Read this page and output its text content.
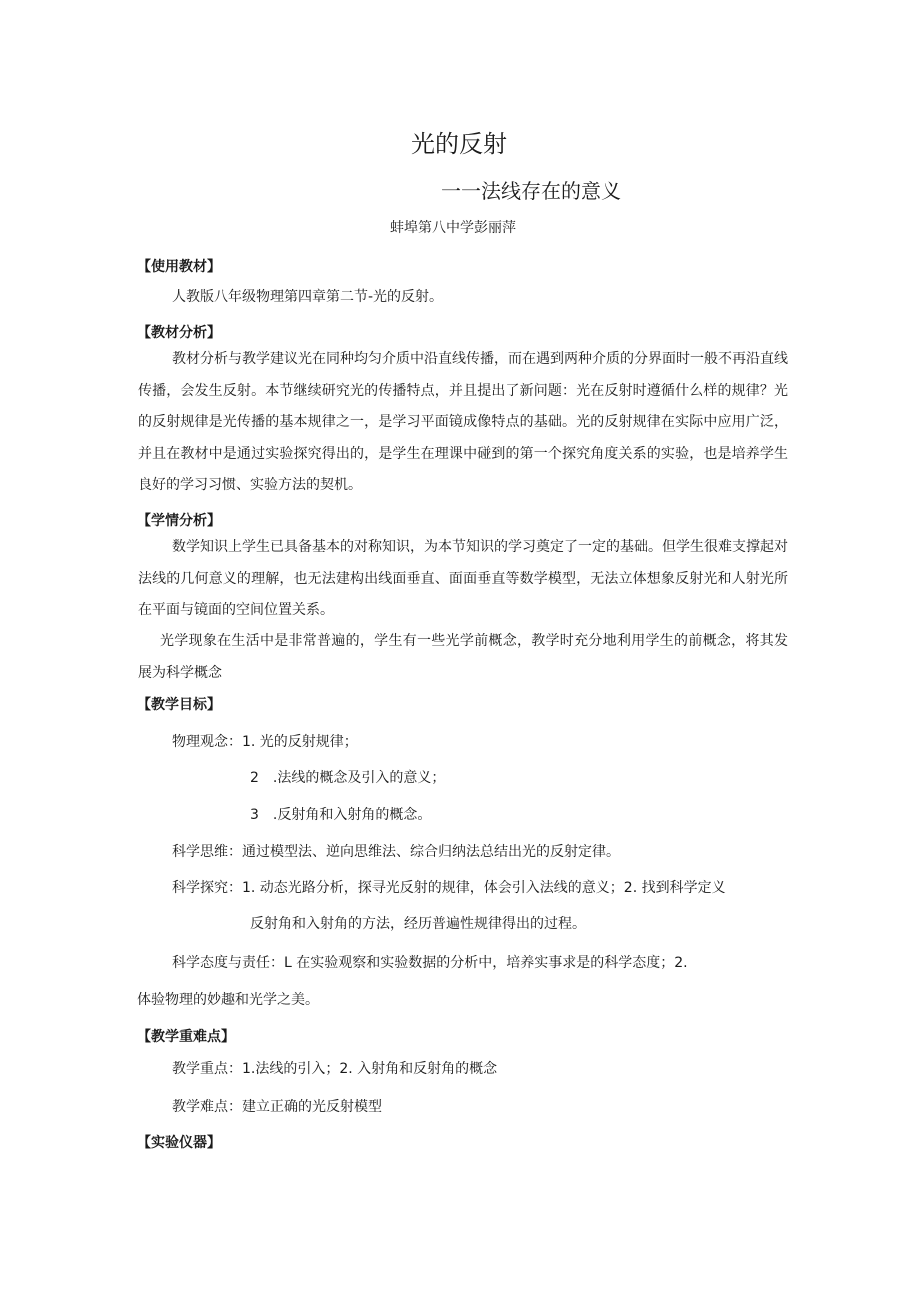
光的反射
一一法线存在的意义
蚌埠第八中学彭丽萍
【使用教材】
人教版八年级物理第四章第二节-光的反射。
【教材分析】
教材分析与教学建议光在同种均匀介质中沿直线传播，而在遇到两种介质的分界面时一般不再沿直线传播，会发生反射。本节继续研究光的传播特点，并且提出了新问题：光在反射时遵循什么样的规律？光的反射规律是光传播的基本规律之一，是学习平面镜成像特点的基础。光的反射规律在实际中应用广泛，并且在教材中是通过实验探究得出的，是学生在理课中碰到的第一个探究角度关系的实验，也是培养学生良好的学习习惯、实验方法的契机。
【学情分析】
数学知识上学生已具备基本的对称知识，为本节知识的学习奠定了一定的基础。但学生很难支撑起对法线的几何意义的理解，也无法建构出线面垂直、面面垂直等数学模型，无法立体想象反射光和人射光所在平面与镜面的空间位置关系。
光学现象在生活中是非常普遍的，学生有一些光学前概念，教学时充分地利用学生的前概念，将其发展为科学概念
【教学目标】
物理观念：1. 光的反射规律；
2　.法线的概念及引入的意义；
3　.反射角和入射角的概念。
科学思维：通过模型法、逆向思维法、综合归纳法总结出光的反射定律。
科学探究：1. 动态光路分析，探寻光反射的规律，体会引入法线的意义；2. 找到科学定义
反射角和入射角的方法，经历普遍性规律得出的过程。
科学态度与责任：L 在实验观察和实验数据的分析中，培养实事求是的科学态度；2.
体验物理的妙趣和光学之美。
【教学重难点】
教学重点：1.法线的引入；2. 入射角和反射角的概念
教学难点：建立正确的光反射模型
【实验仪器】
